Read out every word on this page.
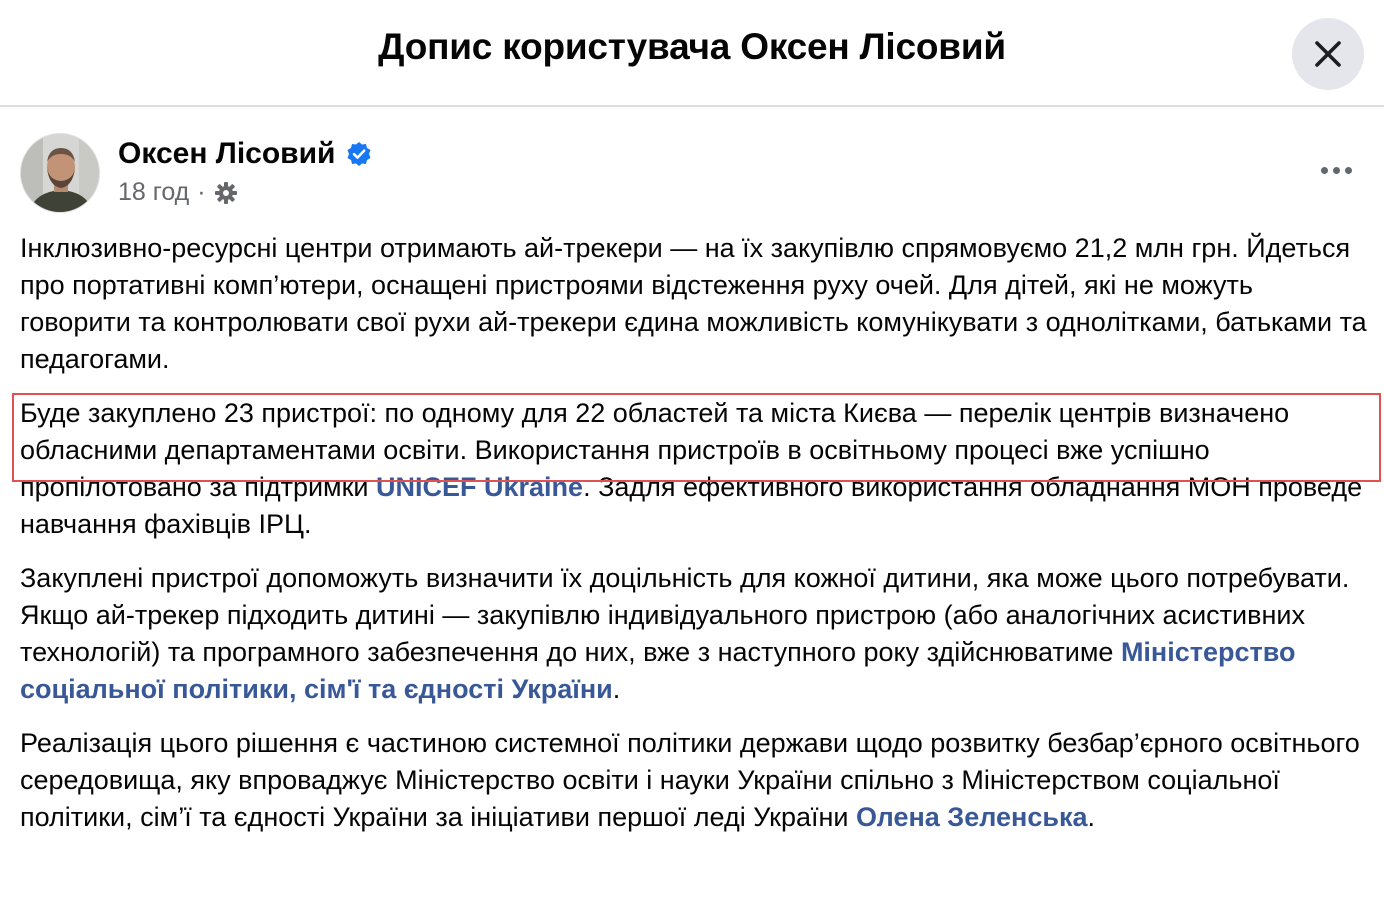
Допис користувача Оксен Лісовий
Оксен Лісовий
18 год ·

Інклюзивно-ресурсні центри отримають ай-трекери — на їх закупівлю спрямовуємо 21,2 млн грн. Йдеться про портативні комп’ютери, оснащені пристроями відстеження руху очей. Для дітей, які не можуть говорити та контролювати свої рухи ай-трекери єдина можливість комунікувати з однолітками, батьками та педагогами.

Буде закуплено 23 пристрої: по одному для 22 областей та міста Києва — перелік центрів визначено обласними департаментами освіти. Використання пристроїв в освітньому процесі вже успішно пропілотовано за підтримки UNICEF Ukraine. Задля ефективного використання обладнання МОН проведе навчання фахівців ІРЦ.

Закуплені пристрої допоможуть визначити їх доцільність для кожної дитини, яка може цього потребувати. Якщо ай-трекер підходить дитині — закупівлю індивідуального пристрою (або аналогічних асистивних технологій) та програмного забезпечення до них, вже з наступного року здійснюватиме Міністерство соціальної політики, сім'ї та єдності України.

Реалізація цього рішення є частиною системної політики держави щодо розвитку безбар’єрного освітнього середовища, яку впроваджує Міністерство освіти і науки України спільно з Міністерством соціальної політики, сім’ї та єдності України за ініціативи першої леді України Олена Зеленська.
